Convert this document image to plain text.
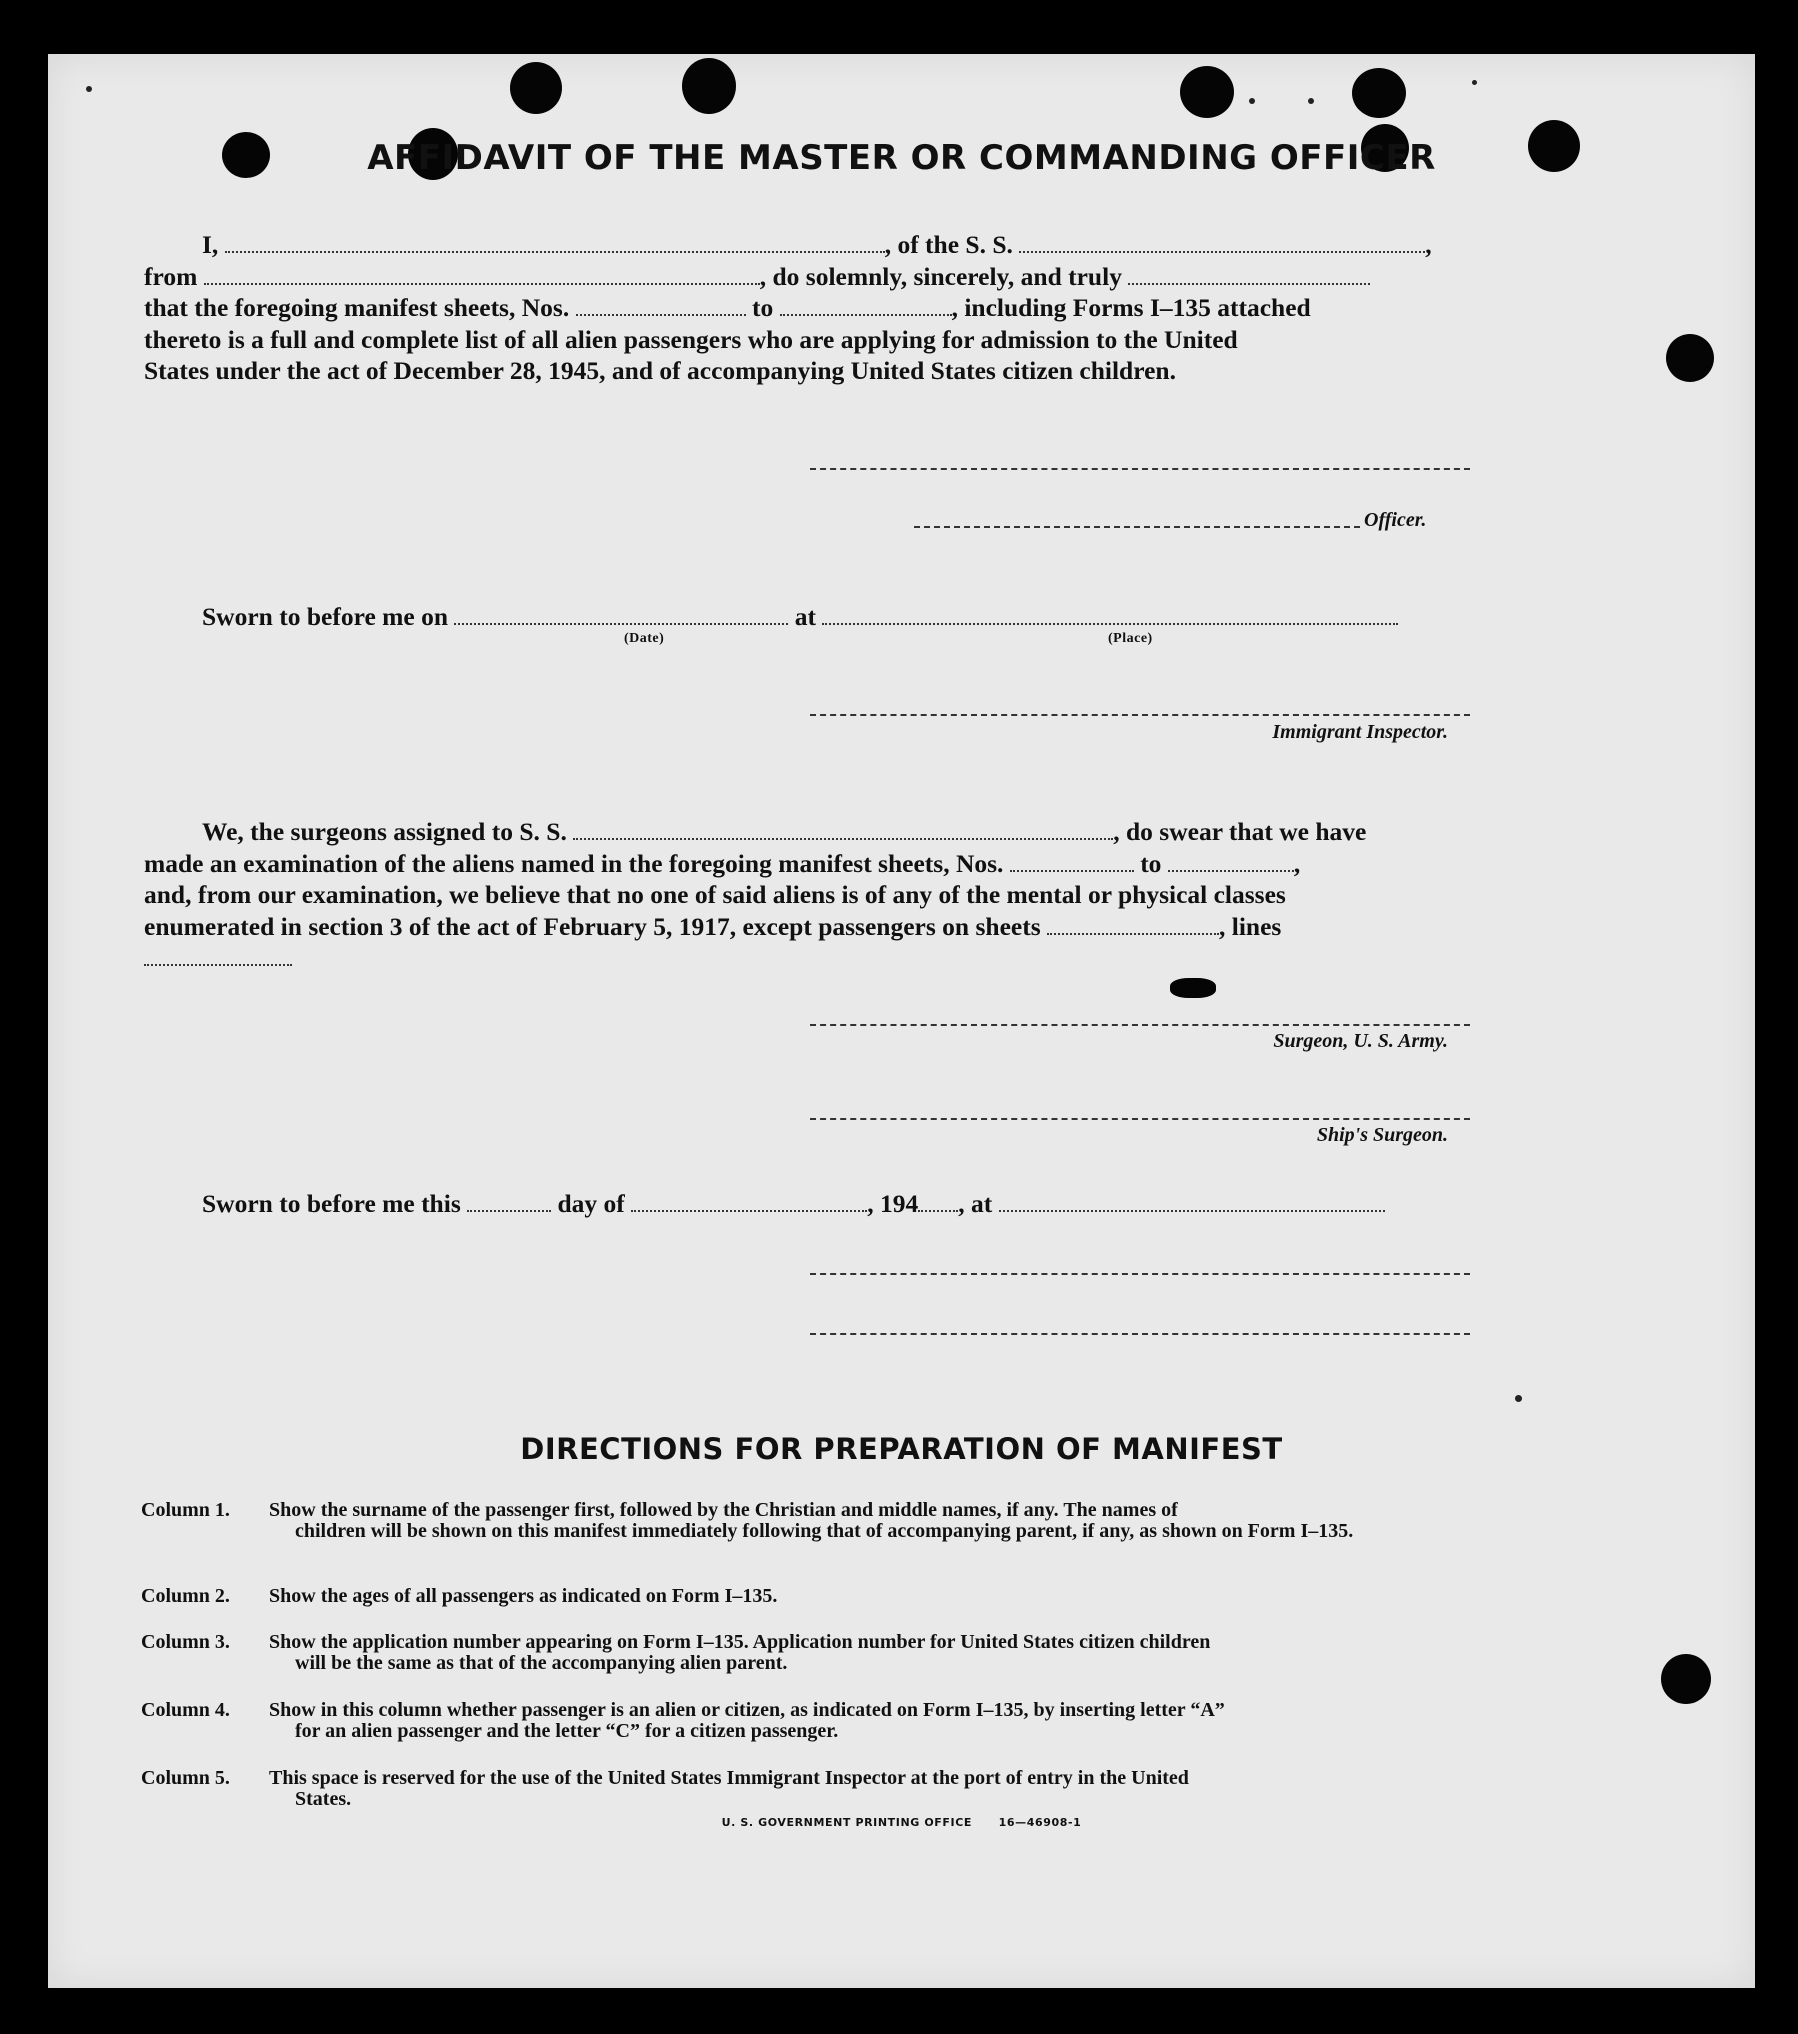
AFFIDAVIT OF THE MASTER OR COMMANDING OFFICER
I,	, of the S. S.	,
from	, do solemnly, sincerely, and truly
that the foregoing manifest sheets, Nos.	to	, including Forms I–135 attached
thereto is a full and complete list of all alien passengers who are applying for admission to the United
States under the act of December 28, 1945, and of accompanying United States citizen children.
Officer.
Sworn to before me on	at
(Date)	(Place)
Immigrant Inspector.
We, the surgeons assigned to S. S.	, do swear that we have
made an examination of the aliens named in the foregoing manifest sheets, Nos.	to	,
and, from our examination, we believe that no one of said aliens is of any of the mental or physical classes
enumerated in section 3 of the act of February 5, 1917, except passengers on sheets	, lines
Surgeon, U. S. Army.
Ship's Surgeon.
Sworn to before me this	day of	, 194 , at
DIRECTIONS FOR PREPARATION OF MANIFEST
Column 1.	Show the surname of the passenger first, followed by the Christian and middle names, if any. The names of
children will be shown on this manifest immediately following that of accompanying parent, if any, as shown on Form I–135.
Column 2.	Show the ages of all passengers as indicated on Form I–135.
Column 3.	Show the application number appearing on Form I–135. Application number for United States citizen children
will be the same as that of the accompanying alien parent.
Column 4.	Show in this column whether passenger is an alien or citizen, as indicated on Form I–135, by inserting letter “A”
for an alien passenger and the letter “C” for a citizen passenger.
Column 5.	This space is reserved for the use of the United States Immigrant Inspector at the port of entry in the United
States.
U. S. GOVERNMENT PRINTING OFFICE      16—46908-1
